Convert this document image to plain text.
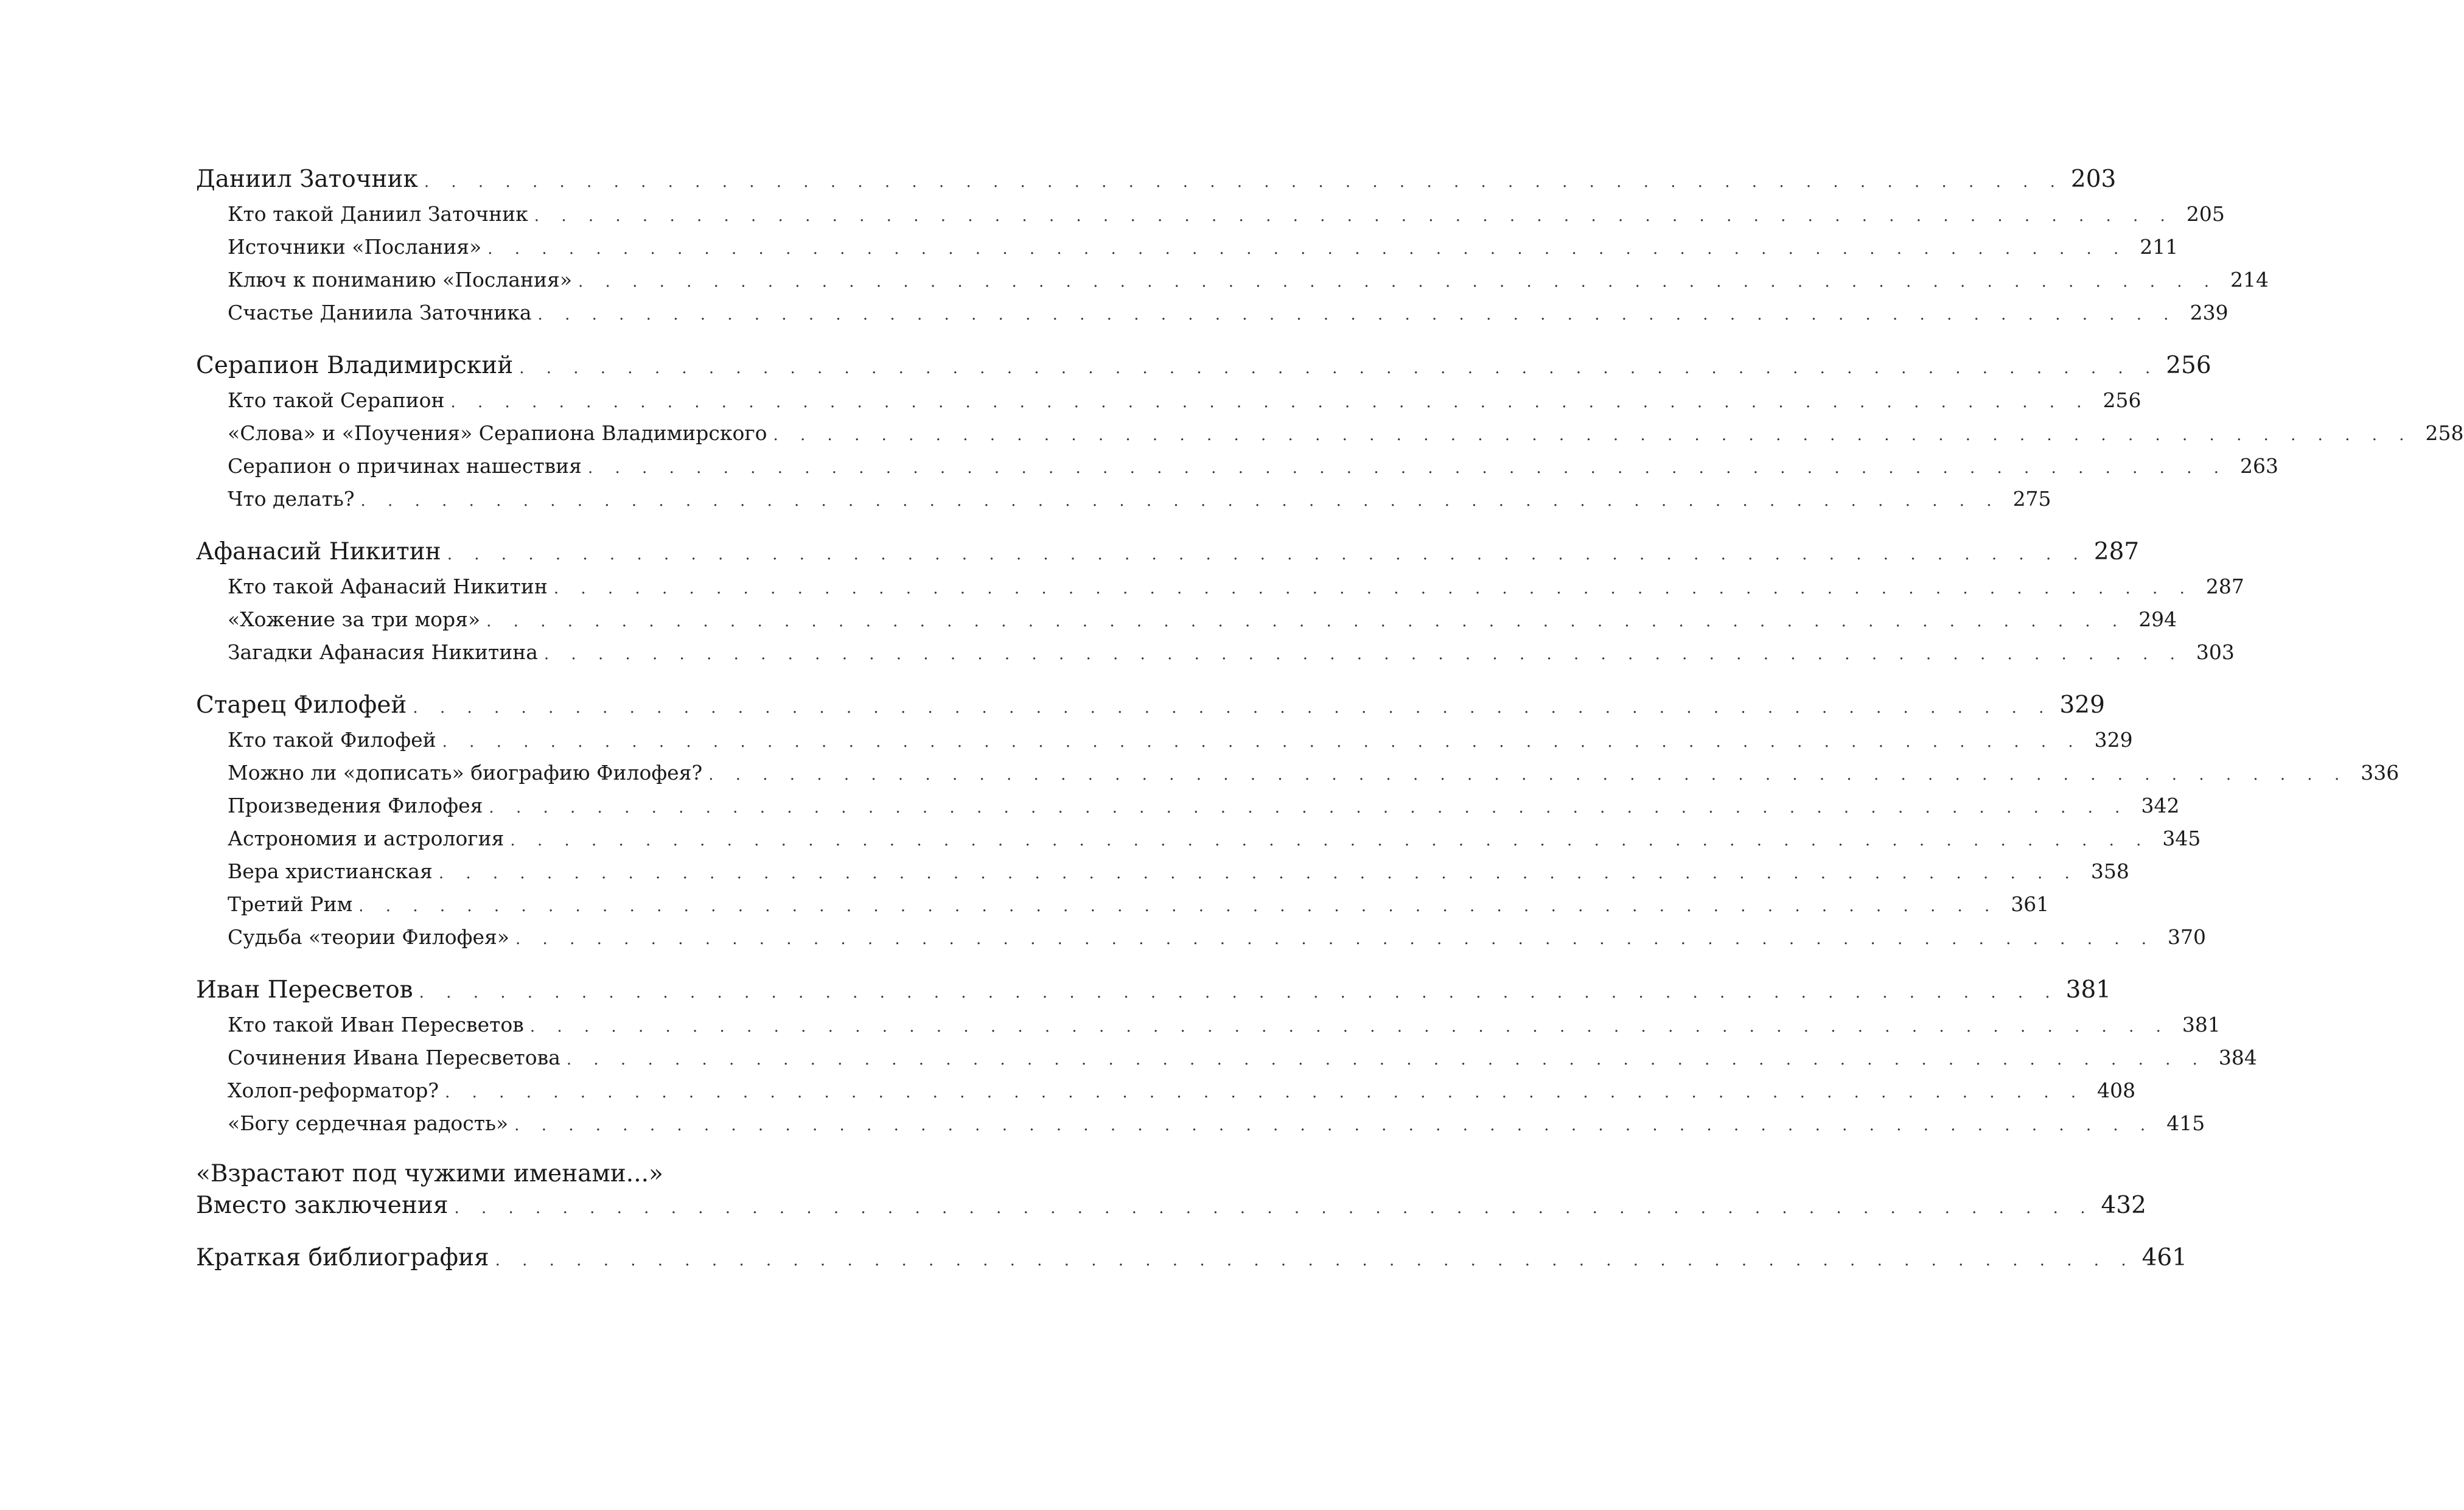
Даниил Заточник . . . . . . . . . . . . . . . . . . . . . . . . . . . . . . . . . . . . . . . . . . . . . . . . . . . . . . . . . . . . . 203
Кто такой Даниил Заточник . . . . . . . . . . . . . . . . . . . . . . . . . . . . . . . . . . . . . . . . . . . . . . . . . . . . . . . . . . . . . 205
Источники «Послания» . . . . . . . . . . . . . . . . . . . . . . . . . . . . . . . . . . . . . . . . . . . . . . . . . . . . . . . . . . . . . 211
Ключ к пониманию «Послания» . . . . . . . . . . . . . . . . . . . . . . . . . . . . . . . . . . . . . . . . . . . . . . . . . . . . . . . . . . . . . 214
Счастье Даниила Заточника . . . . . . . . . . . . . . . . . . . . . . . . . . . . . . . . . . . . . . . . . . . . . . . . . . . . . . . . . . . . . 239
Серапион Владимирский . . . . . . . . . . . . . . . . . . . . . . . . . . . . . . . . . . . . . . . . . . . . . . . . . . . . . . . . . . . . . 256
Кто такой Серапион . . . . . . . . . . . . . . . . . . . . . . . . . . . . . . . . . . . . . . . . . . . . . . . . . . . . . . . . . . . . . 256
«Слова» и «Поучения» Серапиона Владимирского . . . . . . . . . . . . . . . . . . . . . . . . . . . . . . . . . . . . . . . . . . . . . . . . . . . . . . . . . . . . . 258
Серапион о причинах нашествия . . . . . . . . . . . . . . . . . . . . . . . . . . . . . . . . . . . . . . . . . . . . . . . . . . . . . . . . . . . . . 263
Что делать? . . . . . . . . . . . . . . . . . . . . . . . . . . . . . . . . . . . . . . . . . . . . . . . . . . . . . . . . . . . . . 275
Афанасий Никитин . . . . . . . . . . . . . . . . . . . . . . . . . . . . . . . . . . . . . . . . . . . . . . . . . . . . . . . . . . . . . 287
Кто такой Афанасий Никитин . . . . . . . . . . . . . . . . . . . . . . . . . . . . . . . . . . . . . . . . . . . . . . . . . . . . . . . . . . . . . 287
«Хожение за три моря» . . . . . . . . . . . . . . . . . . . . . . . . . . . . . . . . . . . . . . . . . . . . . . . . . . . . . . . . . . . . . 294
Загадки Афанасия Никитина . . . . . . . . . . . . . . . . . . . . . . . . . . . . . . . . . . . . . . . . . . . . . . . . . . . . . . . . . . . . . 303
Старец Филофей . . . . . . . . . . . . . . . . . . . . . . . . . . . . . . . . . . . . . . . . . . . . . . . . . . . . . . . . . . . . . 329
Кто такой Филофей . . . . . . . . . . . . . . . . . . . . . . . . . . . . . . . . . . . . . . . . . . . . . . . . . . . . . . . . . . . . . 329
Можно ли «дописать» биографию Филофея? . . . . . . . . . . . . . . . . . . . . . . . . . . . . . . . . . . . . . . . . . . . . . . . . . . . . . . . . . . . . . 336
Произведения Филофея . . . . . . . . . . . . . . . . . . . . . . . . . . . . . . . . . . . . . . . . . . . . . . . . . . . . . . . . . . . . . 342
Астрономия и астрология . . . . . . . . . . . . . . . . . . . . . . . . . . . . . . . . . . . . . . . . . . . . . . . . . . . . . . . . . . . . . 345
Вера христианская . . . . . . . . . . . . . . . . . . . . . . . . . . . . . . . . . . . . . . . . . . . . . . . . . . . . . . . . . . . . . 358
Третий Рим . . . . . . . . . . . . . . . . . . . . . . . . . . . . . . . . . . . . . . . . . . . . . . . . . . . . . . . . . . . . . 361
Судьба «теории Филофея» . . . . . . . . . . . . . . . . . . . . . . . . . . . . . . . . . . . . . . . . . . . . . . . . . . . . . . . . . . . . . 370
Иван Пересветов . . . . . . . . . . . . . . . . . . . . . . . . . . . . . . . . . . . . . . . . . . . . . . . . . . . . . . . . . . . . . 381
Кто такой Иван Пересветов . . . . . . . . . . . . . . . . . . . . . . . . . . . . . . . . . . . . . . . . . . . . . . . . . . . . . . . . . . . . . 381
Сочинения Ивана Пересветова . . . . . . . . . . . . . . . . . . . . . . . . . . . . . . . . . . . . . . . . . . . . . . . . . . . . . . . . . . . . . 384
Холоп-реформатор? . . . . . . . . . . . . . . . . . . . . . . . . . . . . . . . . . . . . . . . . . . . . . . . . . . . . . . . . . . . . . 408
«Богу сердечная радость» . . . . . . . . . . . . . . . . . . . . . . . . . . . . . . . . . . . . . . . . . . . . . . . . . . . . . . . . . . . . . 415
«Взрастают под чужими именами...»
Вместо заключения . . . . . . . . . . . . . . . . . . . . . . . . . . . . . . . . . . . . . . . . . . . . . . . . . . . . . . . . . . . . . 432
Краткая библиография . . . . . . . . . . . . . . . . . . . . . . . . . . . . . . . . . . . . . . . . . . . . . . . . . . . . . . . . . . . . . 461
